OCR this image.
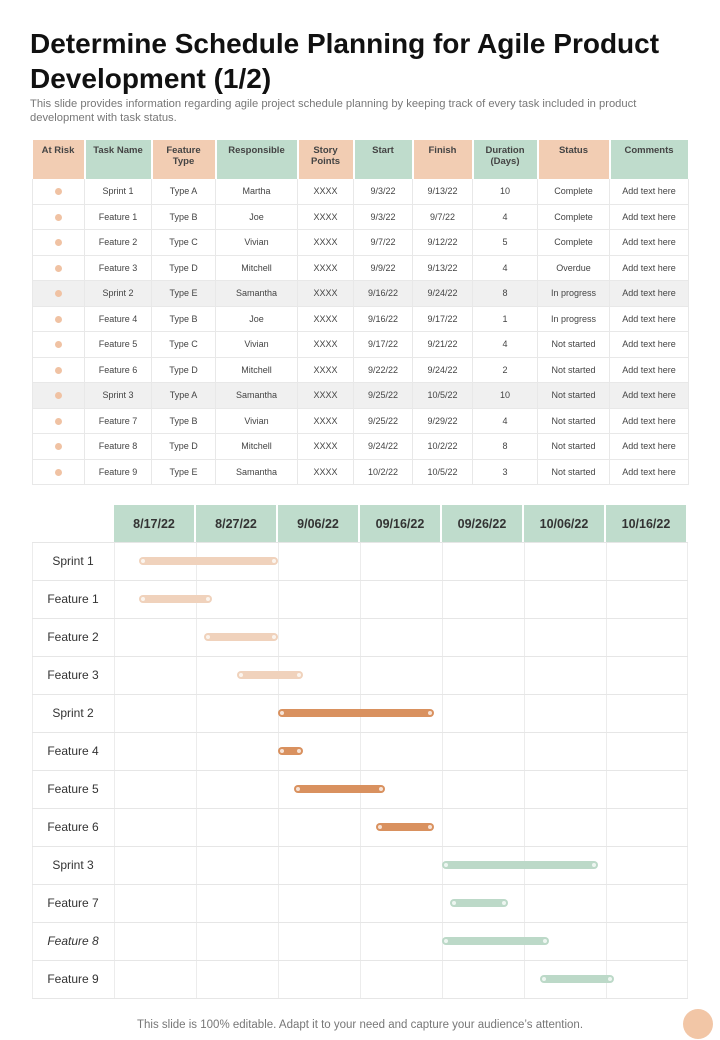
Determine Schedule Planning for Agile Product Development (1/2)
This slide provides information regarding agile project schedule planning by keeping track of every task included in product development with task status.
At Risk	Task Name	Feature Type	Responsible	Story Points	Start	Finish	Duration (Days)	Status	Comments
	Sprint 1	Type A	Martha	XXXX	9/3/22	9/13/22	10	Complete	Add text here
	Feature 1	Type B	Joe	XXXX	9/3/22	9/7/22	4	Complete	Add text here
	Feature 2	Type C	Vivian	XXXX	9/7/22	9/12/22	5	Complete	Add text here
	Feature 3	Type D	Mitchell	XXXX	9/9/22	9/13/22	4	Overdue	Add text here
	Sprint 2	Type E	Samantha	XXXX	9/16/22	9/24/22	8	In progress	Add text here
	Feature 4	Type B	Joe	XXXX	9/16/22	9/17/22	1	In progress	Add text here
	Feature 5	Type C	Vivian	XXXX	9/17/22	9/21/22	4	Not started	Add text here
	Feature 6	Type D	Mitchell	XXXX	9/22/22	9/24/22	2	Not started	Add text here
	Sprint 3	Type A	Samantha	XXXX	9/25/22	10/5/22	10	Not started	Add text here
	Feature 7	Type B	Vivian	XXXX	9/25/22	9/29/22	4	Not started	Add text here
	Feature 8	Type D	Mitchell	XXXX	9/24/22	10/2/22	8	Not started	Add text here
	Feature 9	Type E	Samantha	XXXX	10/2/22	10/5/22	3	Not started	Add text here
8/17/22	8/27/22	9/06/22	09/16/22	09/26/22	10/06/22	10/16/22
Sprint 1
Feature 1
Feature 2
Feature 3
Sprint 2
Feature 4
Feature 5
Feature 6
Sprint 3
Feature 7
Feature 8
Feature 9
This slide is 100% editable. Adapt it to your need and capture your audience’s attention.
